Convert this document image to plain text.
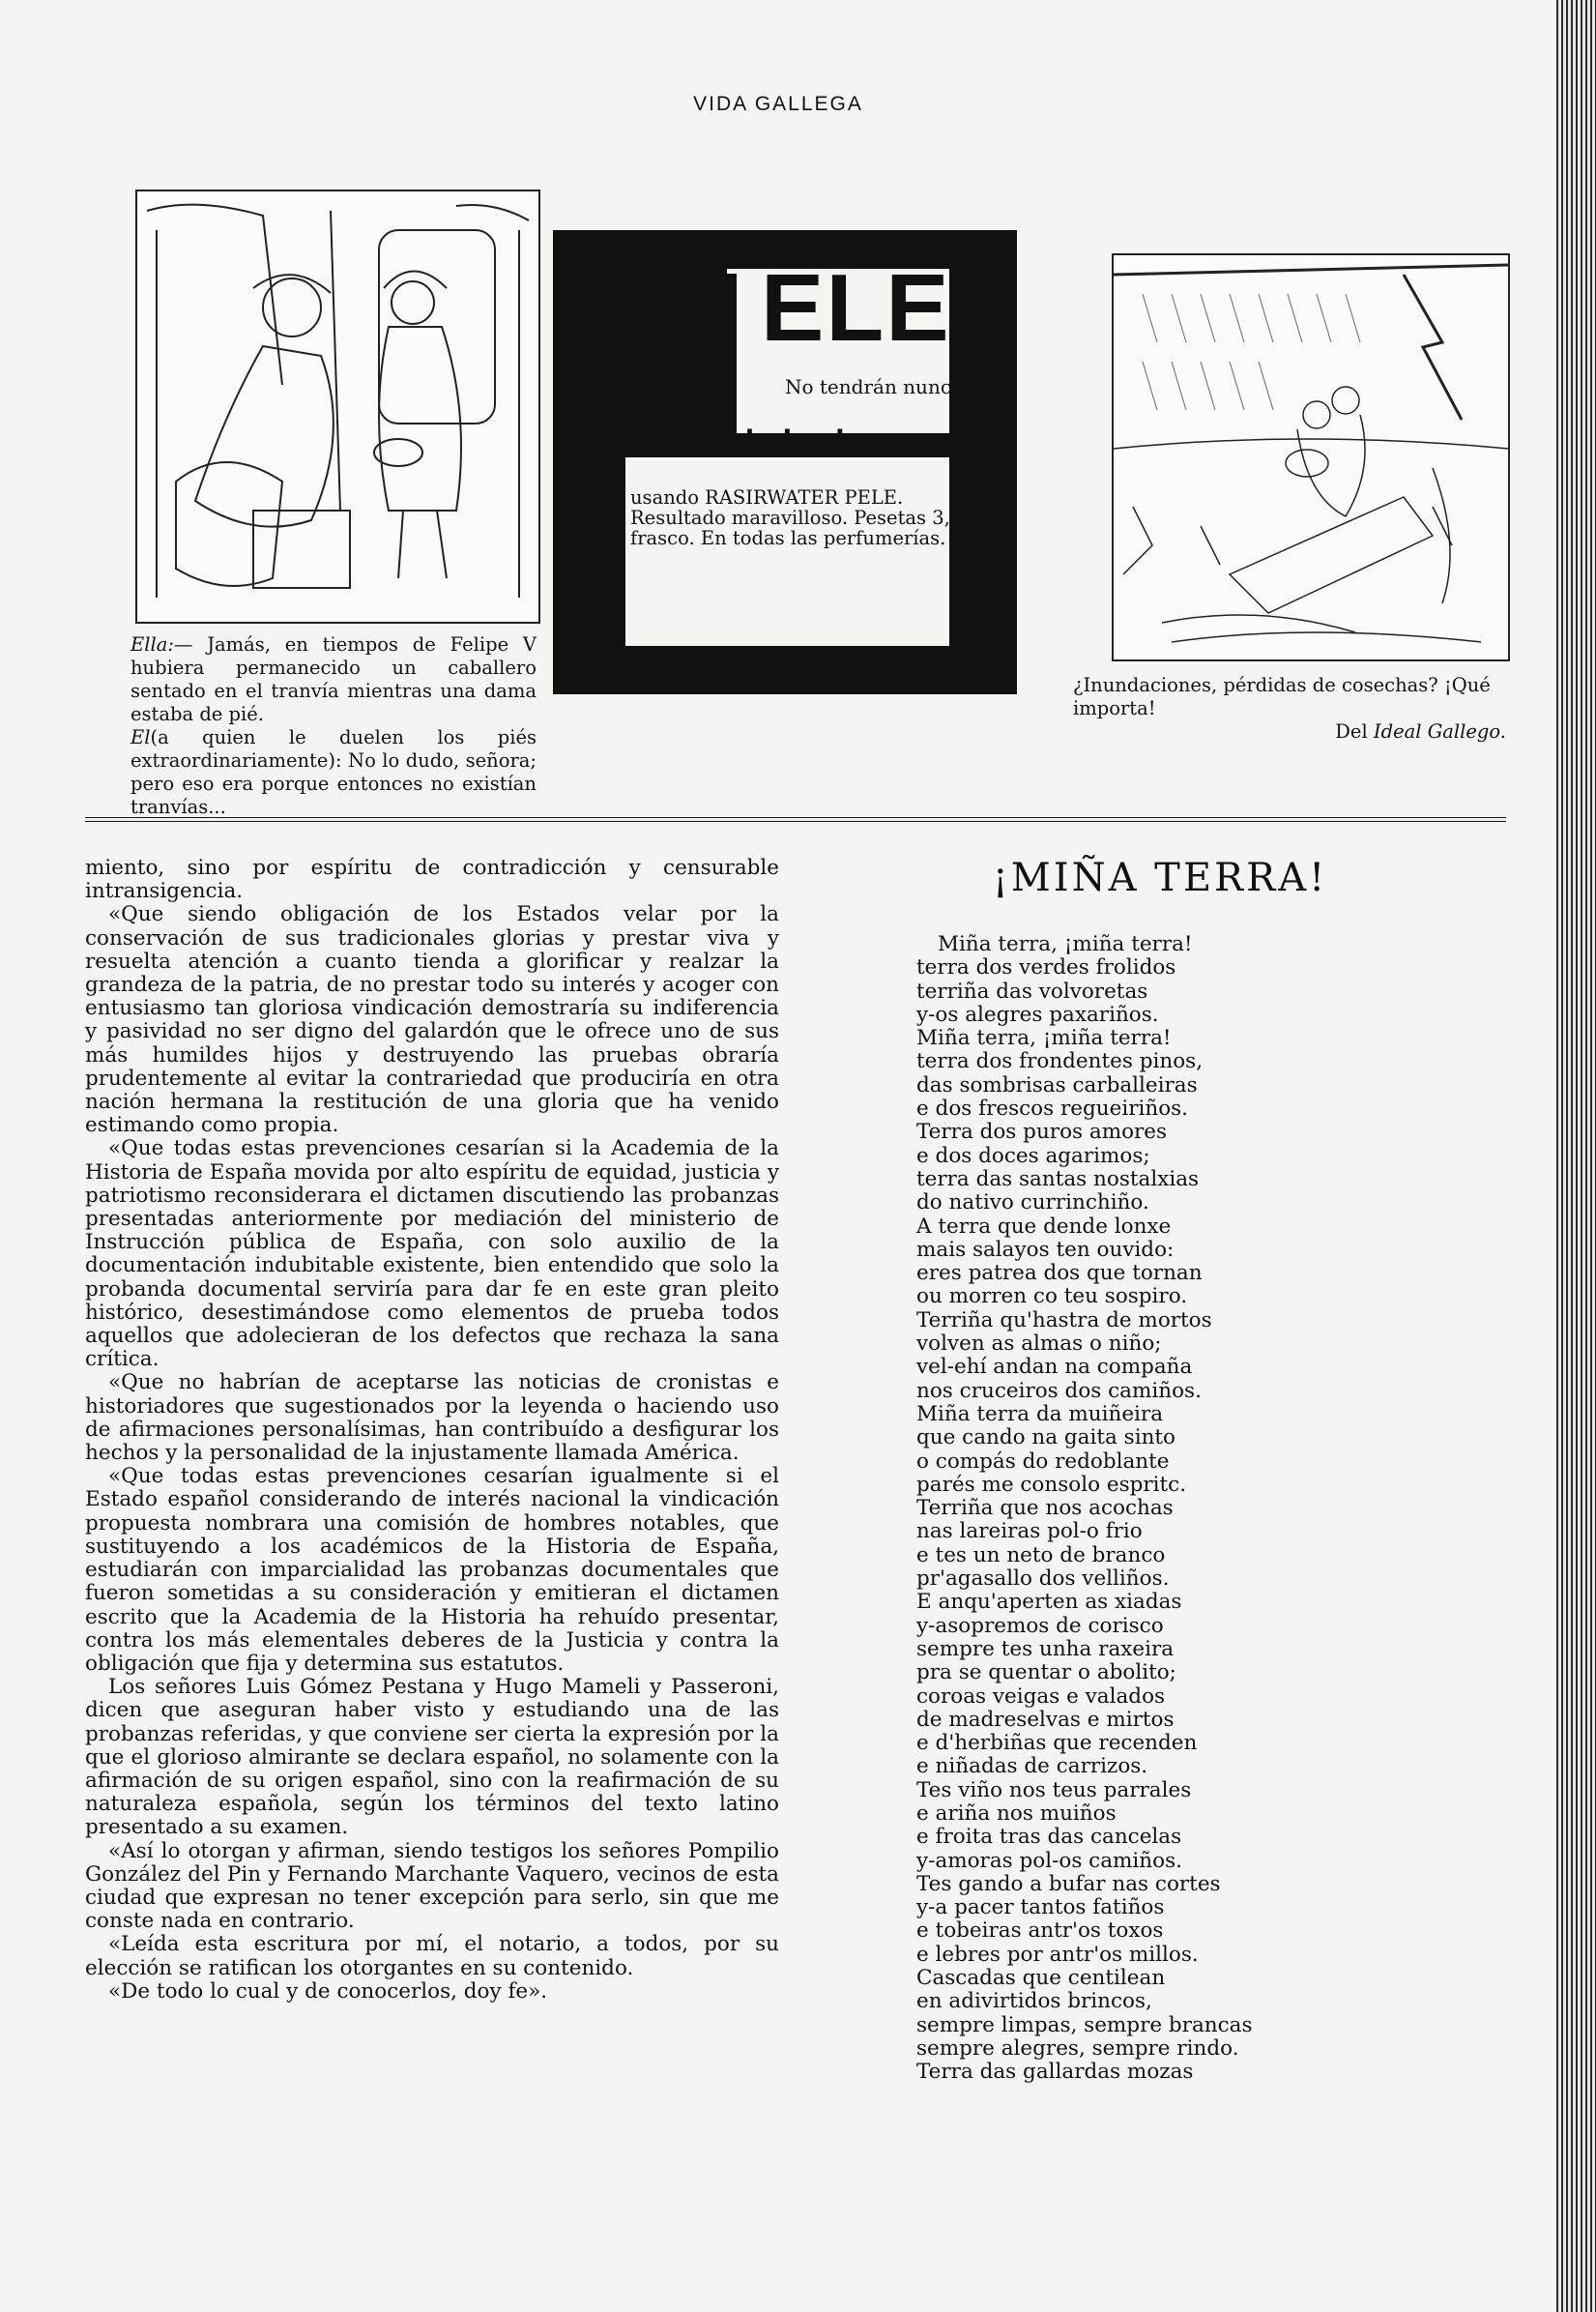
VIDA GALLEGA

Ella:— Jamás, en tiempos de Felipe V hubiera permanecido un caballero sentado en el tranvía mientras una dama estaba de pié.

El(a quien le duelen los piés extraordinariamente): No lo dudo, señora; pero eso era porque entonces no existían tranvías...

ELE
No tendrán nunca
Mala barba
usando RASIRWATER PELE. Resultado maravilloso. Pesetas 3, frasco. En todas las perfumerías.
¿Inundaciones, pérdidas de cosechas? ¡Qué importa!
Del Ideal Gallego.

miento, sino por espíritu de contradicción y censurable intransigencia.

«Que siendo obligación de los Estados velar por la conservación de sus tradicionales glorias y prestar viva y resuelta atención a cuanto tienda a glorificar y realzar la grandeza de la patria, de no prestar todo su interés y acoger con entusiasmo tan gloriosa vindicación demostraría su indiferencia y pasividad no ser digno del galardón que le ofrece uno de sus más humildes hijos y destruyendo las pruebas obraría prudentemente al evitar la contrariedad que produciría en otra nación hermana la restitución de una gloria que ha venido estimando como propia.

«Que todas estas prevenciones cesarían si la Academia de la Historia de España movida por alto espíritu de equidad, justicia y patriotismo reconsiderara el dictamen discutiendo las probanzas presentadas anteriormente por mediación del ministerio de Instrucción pública de España, con solo auxilio de la documentación indubitable existente, bien entendido que solo la probanda documental serviría para dar fe en este gran pleito histórico, desestimándose como elementos de prueba todos aquellos que adolecieran de los defectos que rechaza la sana crítica.

«Que no habrían de aceptarse las noticias de cronistas e historiadores que sugestionados por la leyenda o haciendo uso de afirmaciones personalísimas, han contribuído a desfigurar los hechos y la personalidad de la injustamente llamada América.

«Que todas estas prevenciones cesarían igualmente si el Estado español considerando de interés nacional la vindicación propuesta nombrara una comisión de hombres notables, que sustituyendo a los académicos de la Historia de España, estudiarán con imparcialidad las probanzas documentales que fueron sometidas a su consideración y emitieran el dictamen escrito que la Academia de la Historia ha rehuído presentar, contra los más elementales deberes de la Justicia y contra la obligación que fija y determina sus estatutos.

Los señores Luis Gómez Pestana y Hugo Mameli y Passeroni, dicen que aseguran haber visto y estudiando una de las probanzas referidas, y que conviene ser cierta la expresión por la que el glorioso almirante se declara español, no solamente con la afirmación de su origen español, sino con la reafirmación de su naturaleza española, según los términos del texto latino presentado a su examen.

«Así lo otorgan y afirman, siendo testigos los señores Pompilio González del Pin y Fernando Marchante Vaquero, vecinos de esta ciudad que expresan no tener excepción para serlo, sin que me conste nada en contrario.

«Leída esta escritura por mí, el notario, a todos, por su elección se ratifican los otorgantes en su contenido.

«De todo lo cual y de conocerlos, doy fe».

¡MIÑA TERRA!
Miña terra, ¡miña terra!
terra dos verdes frolidos
terriña das volvoretas
y-os alegres paxariños.
Miña terra, ¡miña terra!
terra dos frondentes pinos,
das sombrisas carballeiras
e dos frescos regueiriños.
Terra dos puros amores
e dos doces agarimos;
terra das santas nostalxias
do nativo currinchiño.
A terra que dende lonxe
mais salayos ten ouvido:
eres patrea dos que tornan
ou morren co teu sospiro.
Terriña qu'hastra de mortos
volven as almas o niño;
vel-ehí andan na compaña
nos cruceiros dos camiños.
Miña terra da muiñeira
que cando na gaita sinto
o compás do redoblante
parés me consolo espritc.
Terriña que nos acochas
nas lareiras pol-o frio
e tes un neto de branco
pr'agasallo dos velliños.
E anqu'aperten as xiadas
y-asopremos de corisco
sempre tes unha raxeira
pra se quentar o abolito;
coroas veigas e valados
de madreselvas e mirtos
e d'herbiñas que recenden
e niñadas de carrizos.
Tes viño nos teus parrales
e ariña nos muiños
e froita tras das cancelas
y-amoras pol-os camiños.
Tes gando a bufar nas cortes
y-a pacer tantos fatiños
e tobeiras antr'os toxos
e lebres por antr'os millos.
Cascadas que centilean
en adivirtidos brincos,
sempre limpas, sempre brancas
sempre alegres, sempre rindo.
Terra das gallardas mozas
